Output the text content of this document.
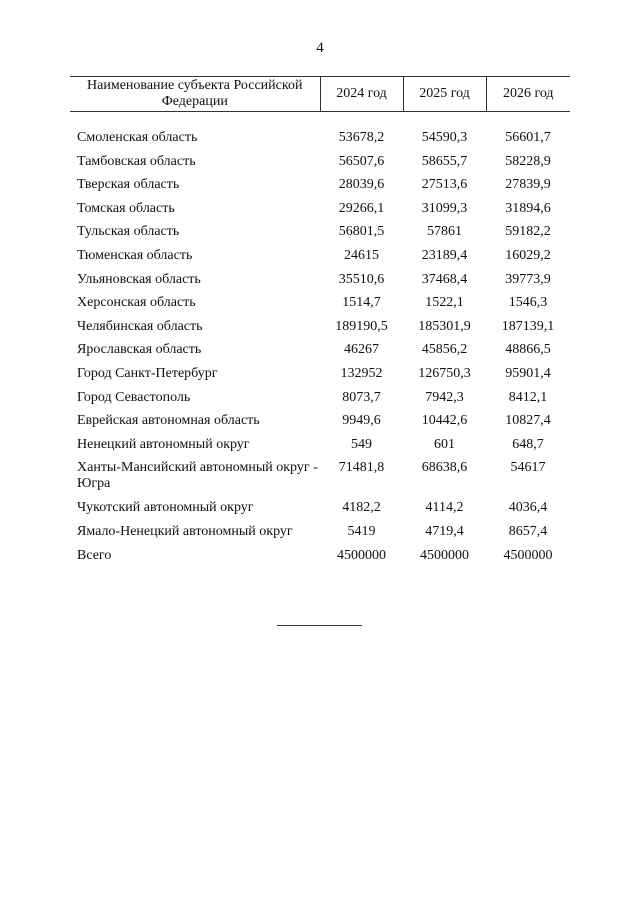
4
Наименование субъекта Российской Федерации	2024 год	2025 год	2026 год

Смоленская область	53678,2	54590,3	56601,7
Тамбовская область	56507,6	58655,7	58228,9
Тверская область	28039,6	27513,6	27839,9
Томская область	29266,1	31099,3	31894,6
Тульская область	56801,5	57861	59182,2
Тюменская область	24615	23189,4	16029,2
Ульяновская область	35510,6	37468,4	39773,9
Херсонская область	1514,7	1522,1	1546,3
Челябинская область	189190,5	185301,9	187139,1
Ярославская область	46267	45856,2	48866,5
Город Санкт-Петербург	132952	126750,3	95901,4
Город Севастополь	8073,7	7942,3	8412,1
Еврейская автономная область	9949,6	10442,6	10827,4
Ненецкий автономный округ	549	601	648,7
Ханты-Мансийский автономный округ - Югра	71481,8	68638,6	54617
Чукотский автономный округ	4182,2	4114,2	4036,4
Ямало-Ненецкий автономный округ	5419	4719,4	8657,4
Всего	4500000	4500000	4500000
